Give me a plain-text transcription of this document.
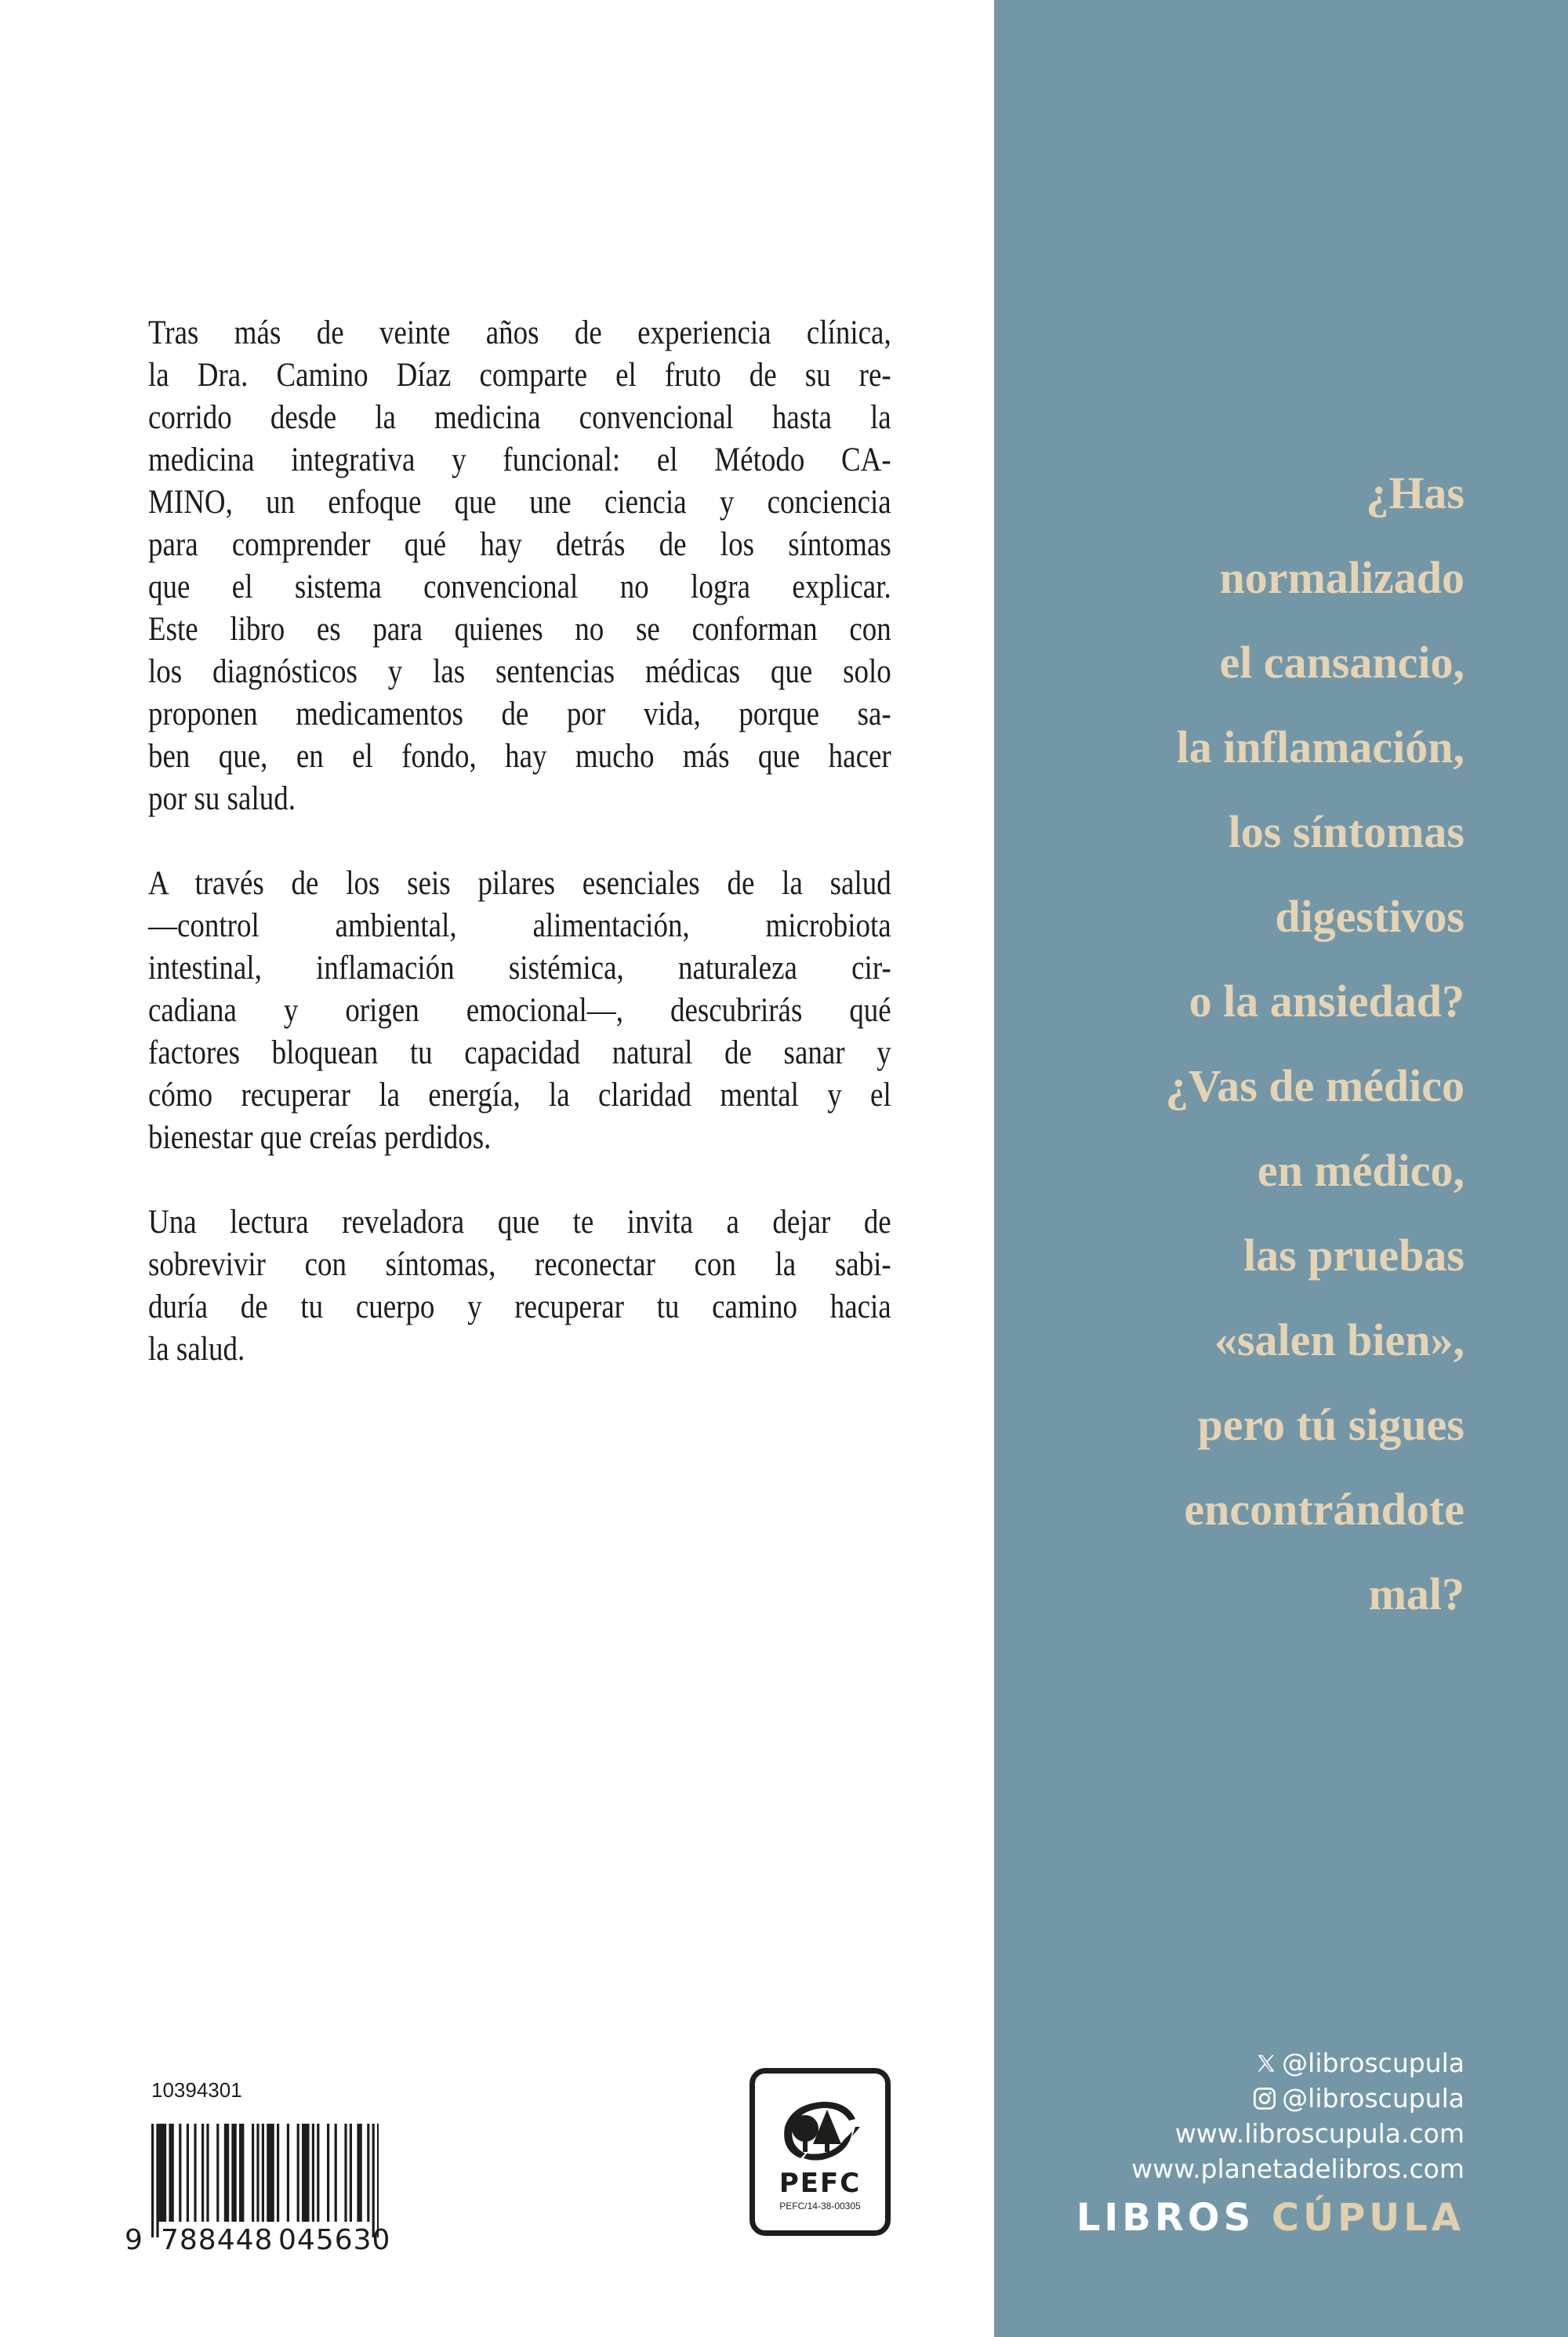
Tras más de veinte años de experiencia clínica,
la Dra. Camino Díaz comparte el fruto de su re-
corrido desde la medicina convencional hasta la
medicina integrativa y funcional: el Método CA-
MINO, un enfoque que une ciencia y conciencia
para comprender qué hay detrás de los síntomas
que el sistema convencional no logra explicar.
Este libro es para quienes no se conforman con
los diagnósticos y las sentencias médicas que solo
proponen medicamentos de por vida, porque sa-
ben que, en el fondo, hay mucho más que hacer
por su salud.
A través de los seis pilares esenciales de la salud
—control ambiental, alimentación, microbiota
intestinal, inflamación sistémica, naturaleza cir-
cadiana y origen emocional—, descubrirás qué
factores bloquean tu capacidad natural de sanar y
cómo recuperar la energía, la claridad mental y el
bienestar que creías perdidos.
Una lectura reveladora que te invita a dejar de
sobrevivir con síntomas, reconectar con la sabi-
duría de tu cuerpo y recuperar tu camino hacia
la salud.
10394301
9 788448 045630
PEFC
PEFC/14-38-00305
¿Has
normalizado
el cansancio,
la inflamación,
los síntomas
digestivos
o la ansiedad?
¿Vas de médico
en médico,
las pruebas
«salen bien»,
pero tú sigues
encontrándote
mal?
@libroscupula
@libroscupula
www.libroscupula.com
www.planetadelibros.com
LIBROS CÚPULA
